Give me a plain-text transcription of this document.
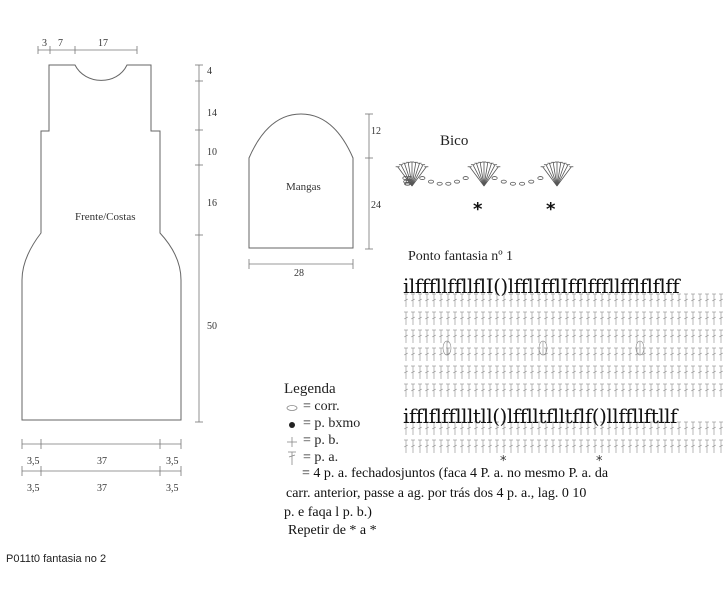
3 7	17
4
14
10
16
50
Frente/Costas
3,5	37	3,5
3,5	37	3,5
Mangas
12
24
28
Bico
*	*
Ponto fantasia nº 1
ilfffllffllflI()lfflIfflIfflfffllfflflflff
ifflflffllltll()lfflltflltflf()llffllftllf
*	*
Legenda
= corr.
= p. bxmo
= p. b.
= p. a.
= 4 p. a. fechadosjuntos (faca 4 P. a. no mesmo P. a. da
carr. anterior, passe a ag. por trás dos 4 p. a., lag. 0 10
p. e faqa l p. b.)
Repetir de * a *
P011t0 fantasia no 2
